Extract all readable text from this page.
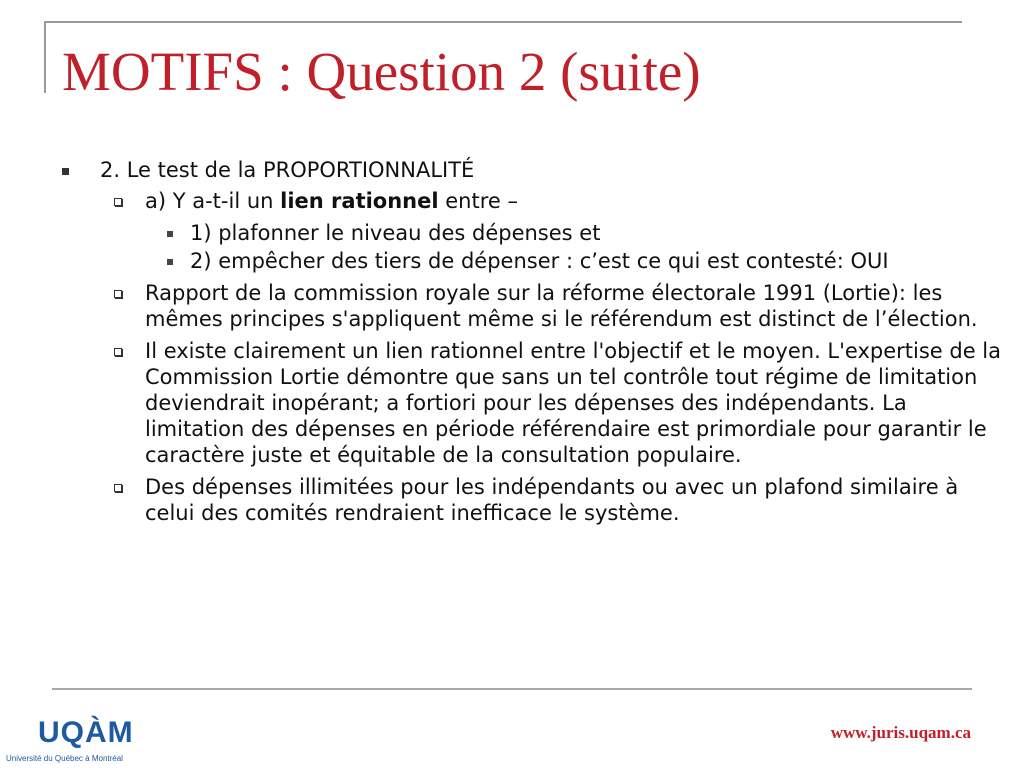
MOTIFS : Question 2 (suite)
2. Le test de la PROPORTIONNALITÉ
a) Y a-t-il un lien rationnel entre –
1) plafonner le niveau des dépenses et
2) empêcher des tiers de dépenser : c’est ce qui est contesté: OUI
Rapport de la commission royale sur la réforme électorale 1991 (Lortie): les mêmes principes s'appliquent même si le référendum est distinct de l’élection.
Il existe clairement un lien rationnel entre l'objectif et le moyen. L'expertise de la Commission Lortie démontre que sans un tel contrôle tout régime de limitation deviendrait inopérant; a fortiori pour les dépenses des indépendants. La limitation des dépenses en période référendaire est primordiale pour garantir le caractère juste et équitable de la consultation populaire.
Des dépenses illimitées pour les indépendants ou avec un plafond similaire à celui des comités rendraient inefficace le système.
UQÀM
Université du Québec à Montréal
www.juris.uqam.ca
